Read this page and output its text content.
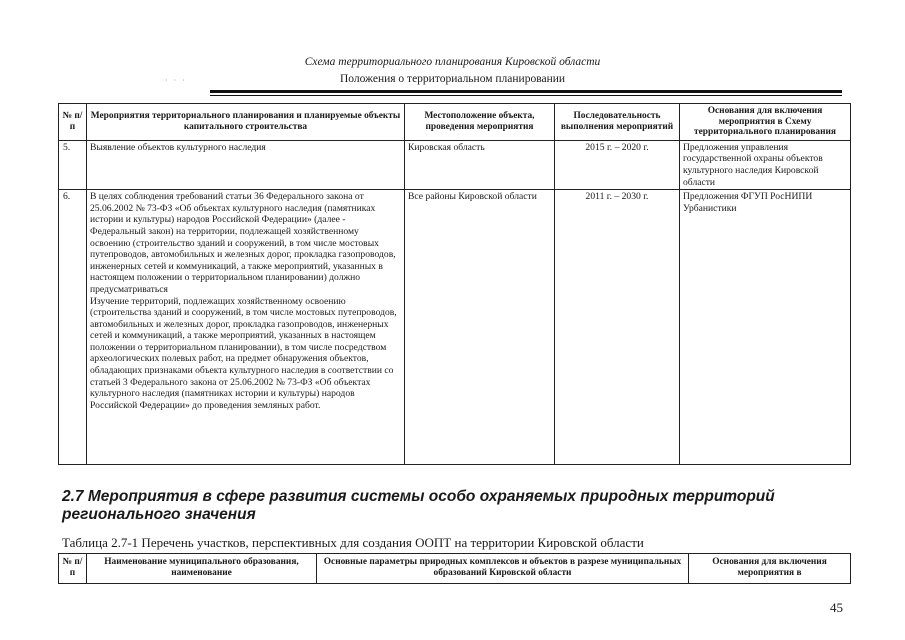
Схема территориального планирования Кировской области
· · ·	Положения о территориальном планировании
№ п/п	Мероприятия территориального планирования и планируемые объекты капитального строительства	Местоположение объекта, проведения мероприятия	Последовательность выполнения мероприятий	Основания для включения мероприятия в Схему территориального планирования
5.	Выявление объектов культурного наследия	Кировская область	2015 г. – 2020 г.	Предложения управления государственной охраны объектов культурного наследия Кировской области
6.	В целях соблюдения требований статьи 36 Федерального закона от 25.06.2002 № 73-ФЗ «Об объектах культурного наследия (памятниках истории и культуры) народов Российской Федерации» (далее - Федеральный закон) на территории, подлежащей хозяйственному освоению (строительство зданий и сооружений, в том числе мостовых путепроводов, автомобильных и железных дорог, прокладка газопроводов, инженерных сетей и коммуникаций, а также мероприятий, указанных в настоящем положении о территориальном планировании) должно предусматриваться
Изучение территорий, подлежащих хозяйственному освоению (строительства зданий и сооружений, в том числе мостовых путепроводов, автомобильных и железных дорог, прокладка газопроводов, инженерных сетей и коммуникаций, а также мероприятий, указанных в настоящем положении о территориальном планировании), в том числе посредством археологических полевых работ, на предмет обнаружения объектов, обладающих признаками объекта культурного наследия в соответствии со статьей 3 Федерального закона от 25.06.2002 № 73-ФЗ «Об объектах культурного наследия (памятниках истории и культуры) народов Российской Федерации» до проведения земляных работ.	Все районы Кировской области	2011 г. – 2030 г.	Предложения ФГУП РосНИПИ Урбанистики
2.7 Мероприятия в сфере развития системы особо охраняемых природных территорий регионального значения
Таблица 2.7-1 Перечень участков, перспективных для создания ООПТ на территории Кировской области
№ п/п	Наименование муниципального образования, наименование	Основные параметры природных комплексов и объектов в разрезе муниципальных образований Кировской области	Основания для включения мероприятия в
45
